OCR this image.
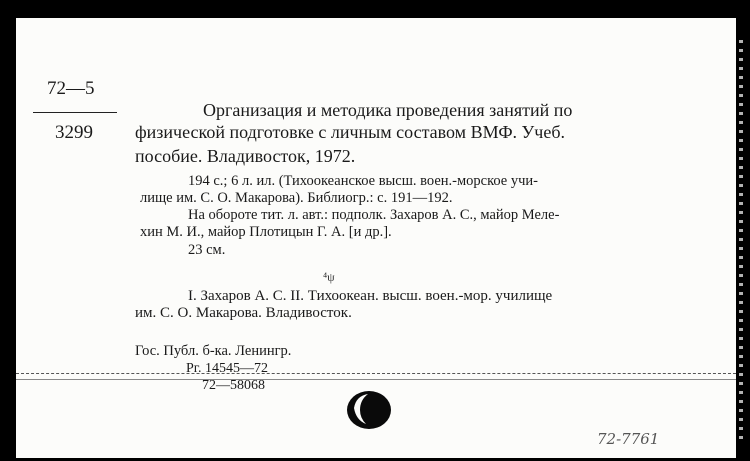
72—5
3299
Организация и методика проведения занятий по
физической подготовке с личным составом ВМФ. Учеб.
пособие. Владивосток, 1972.
194 с.; 6 л. ил. (Тихоокеанское высш. воен.-морское учи-
лище им. С. О. Макарова). Библиогр.: с. 191—192.
На обороте тит. л. авт.: подполк. Захаров А. С., майор Меле-
хин М. И., майор Плотицын Г. А. [и др.].
23 см.
⁴ψ
I. Захаров А. С. II. Тихоокеан. высш. воен.-мор. училище
им. С. О. Макарова. Владивосток.
Гос. Публ. б-ка. Ленингр.
Рг. 14545—72
72—58068
72-7761
